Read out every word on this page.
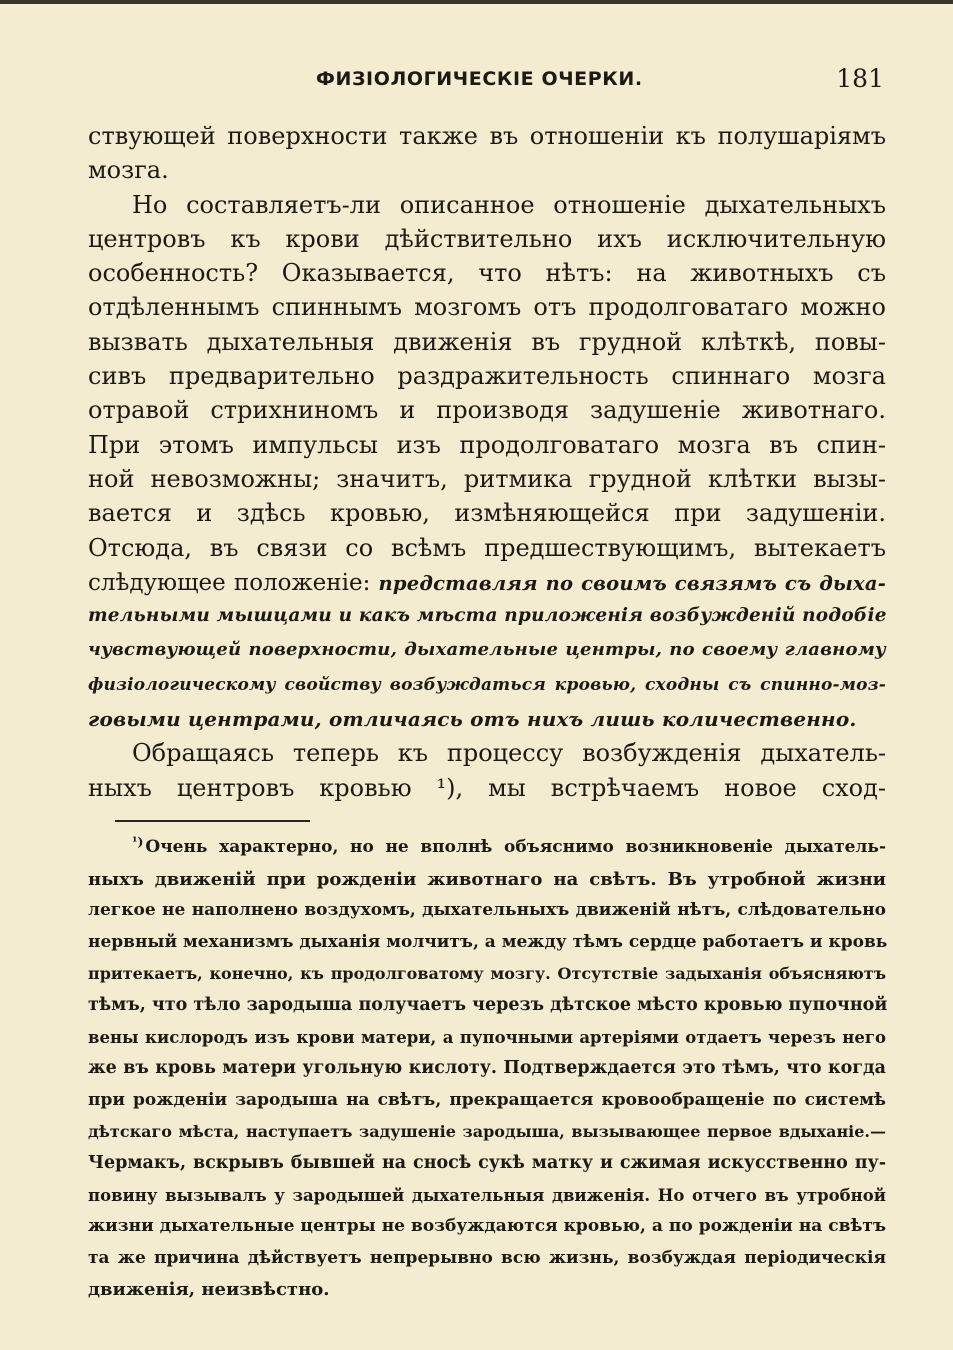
ФИЗІОЛОГИЧЕСКІЕ ОЧЕРКИ.	181
ствующей поверхности также въ отношеніи къ полушаріямъ
мозга.
Но составляетъ-ли описанное отношеніе дыхательныхъ
центровъ къ крови дѣйствительно ихъ исключительную
особенность? Оказывается, что нѣтъ: на животныхъ съ
отдѣленнымъ спиннымъ мозгомъ отъ продолговатаго можно
вызвать дыхательныя движенія въ грудной клѣткѣ, повы-
сивъ предварительно раздражительность спиннаго мозга
отравой стрихниномъ и производя задушеніе животнаго.
При этомъ импульсы изъ продолговатаго мозга въ спин-
ной невозможны; значитъ, ритмика грудной клѣтки вызы-
вается и здѣсь кровью, измѣняющейся при задушеніи.
Отсюда, въ связи со всѣмъ предшествующимъ, вытекаетъ
слѣдующее положеніе: представляя по своимъ связямъ съ дыха-
тельными мышцами и какъ мѣста приложенія возбужденій подобіе
чувствующей поверхности, дыхательные центры, по своему главному
физіологическому свойству возбуждаться кровью, сходны съ спинно-моз-
говыми центрами, отличаясь отъ нихъ лишь количественно.
Обращаясь теперь къ процессу возбужденія дыхатель-
ныхъ центровъ кровью ¹), мы встрѣчаемъ новое сход-
$^{^1)}$ Очень характерно, но не вполнѣ объяснимо возникновеніе дыхатель-
ныхъ движеній при рожденіи животнаго на свѣтъ. Въ утробной жизни
легкое не наполнено воздухомъ, дыхательныхъ движеній нѣтъ, слѣдовательно
нервный механизмъ дыханія молчитъ, а между тѣмъ сердце работаетъ и кровь
притекаетъ, конечно, къ продолговатому мозгу. Отсутствіе задыханія объясняютъ
тѣмъ, что тѣло зародыша получаетъ черезъ дѣтское мѣсто кровью пупочной
вены кислородъ изъ крови матери, а пупочными артеріями отдаетъ черезъ него
же въ кровь матери угольную кислоту. Подтверждается это тѣмъ, что когда
при рожденіи зародыша на свѣтъ, прекращается кровообращеніе по системѣ
дѣтскаго мѣста, наступаетъ задушеніе зародыша, вызывающее первое вдыханіе.—
Чермакъ, вскрывъ бывшей на сносѣ сукѣ матку и сжимая искусственно пу-
повину вызывалъ у зародышей дыхательныя движенія. Но отчего въ утробной
жизни дыхательные центры не возбуждаются кровью, а по рожденіи на свѣтъ
та же причина дѣйствуетъ непрерывно всю жизнь, возбуждая періодическія
движенія, неизвѣстно.
